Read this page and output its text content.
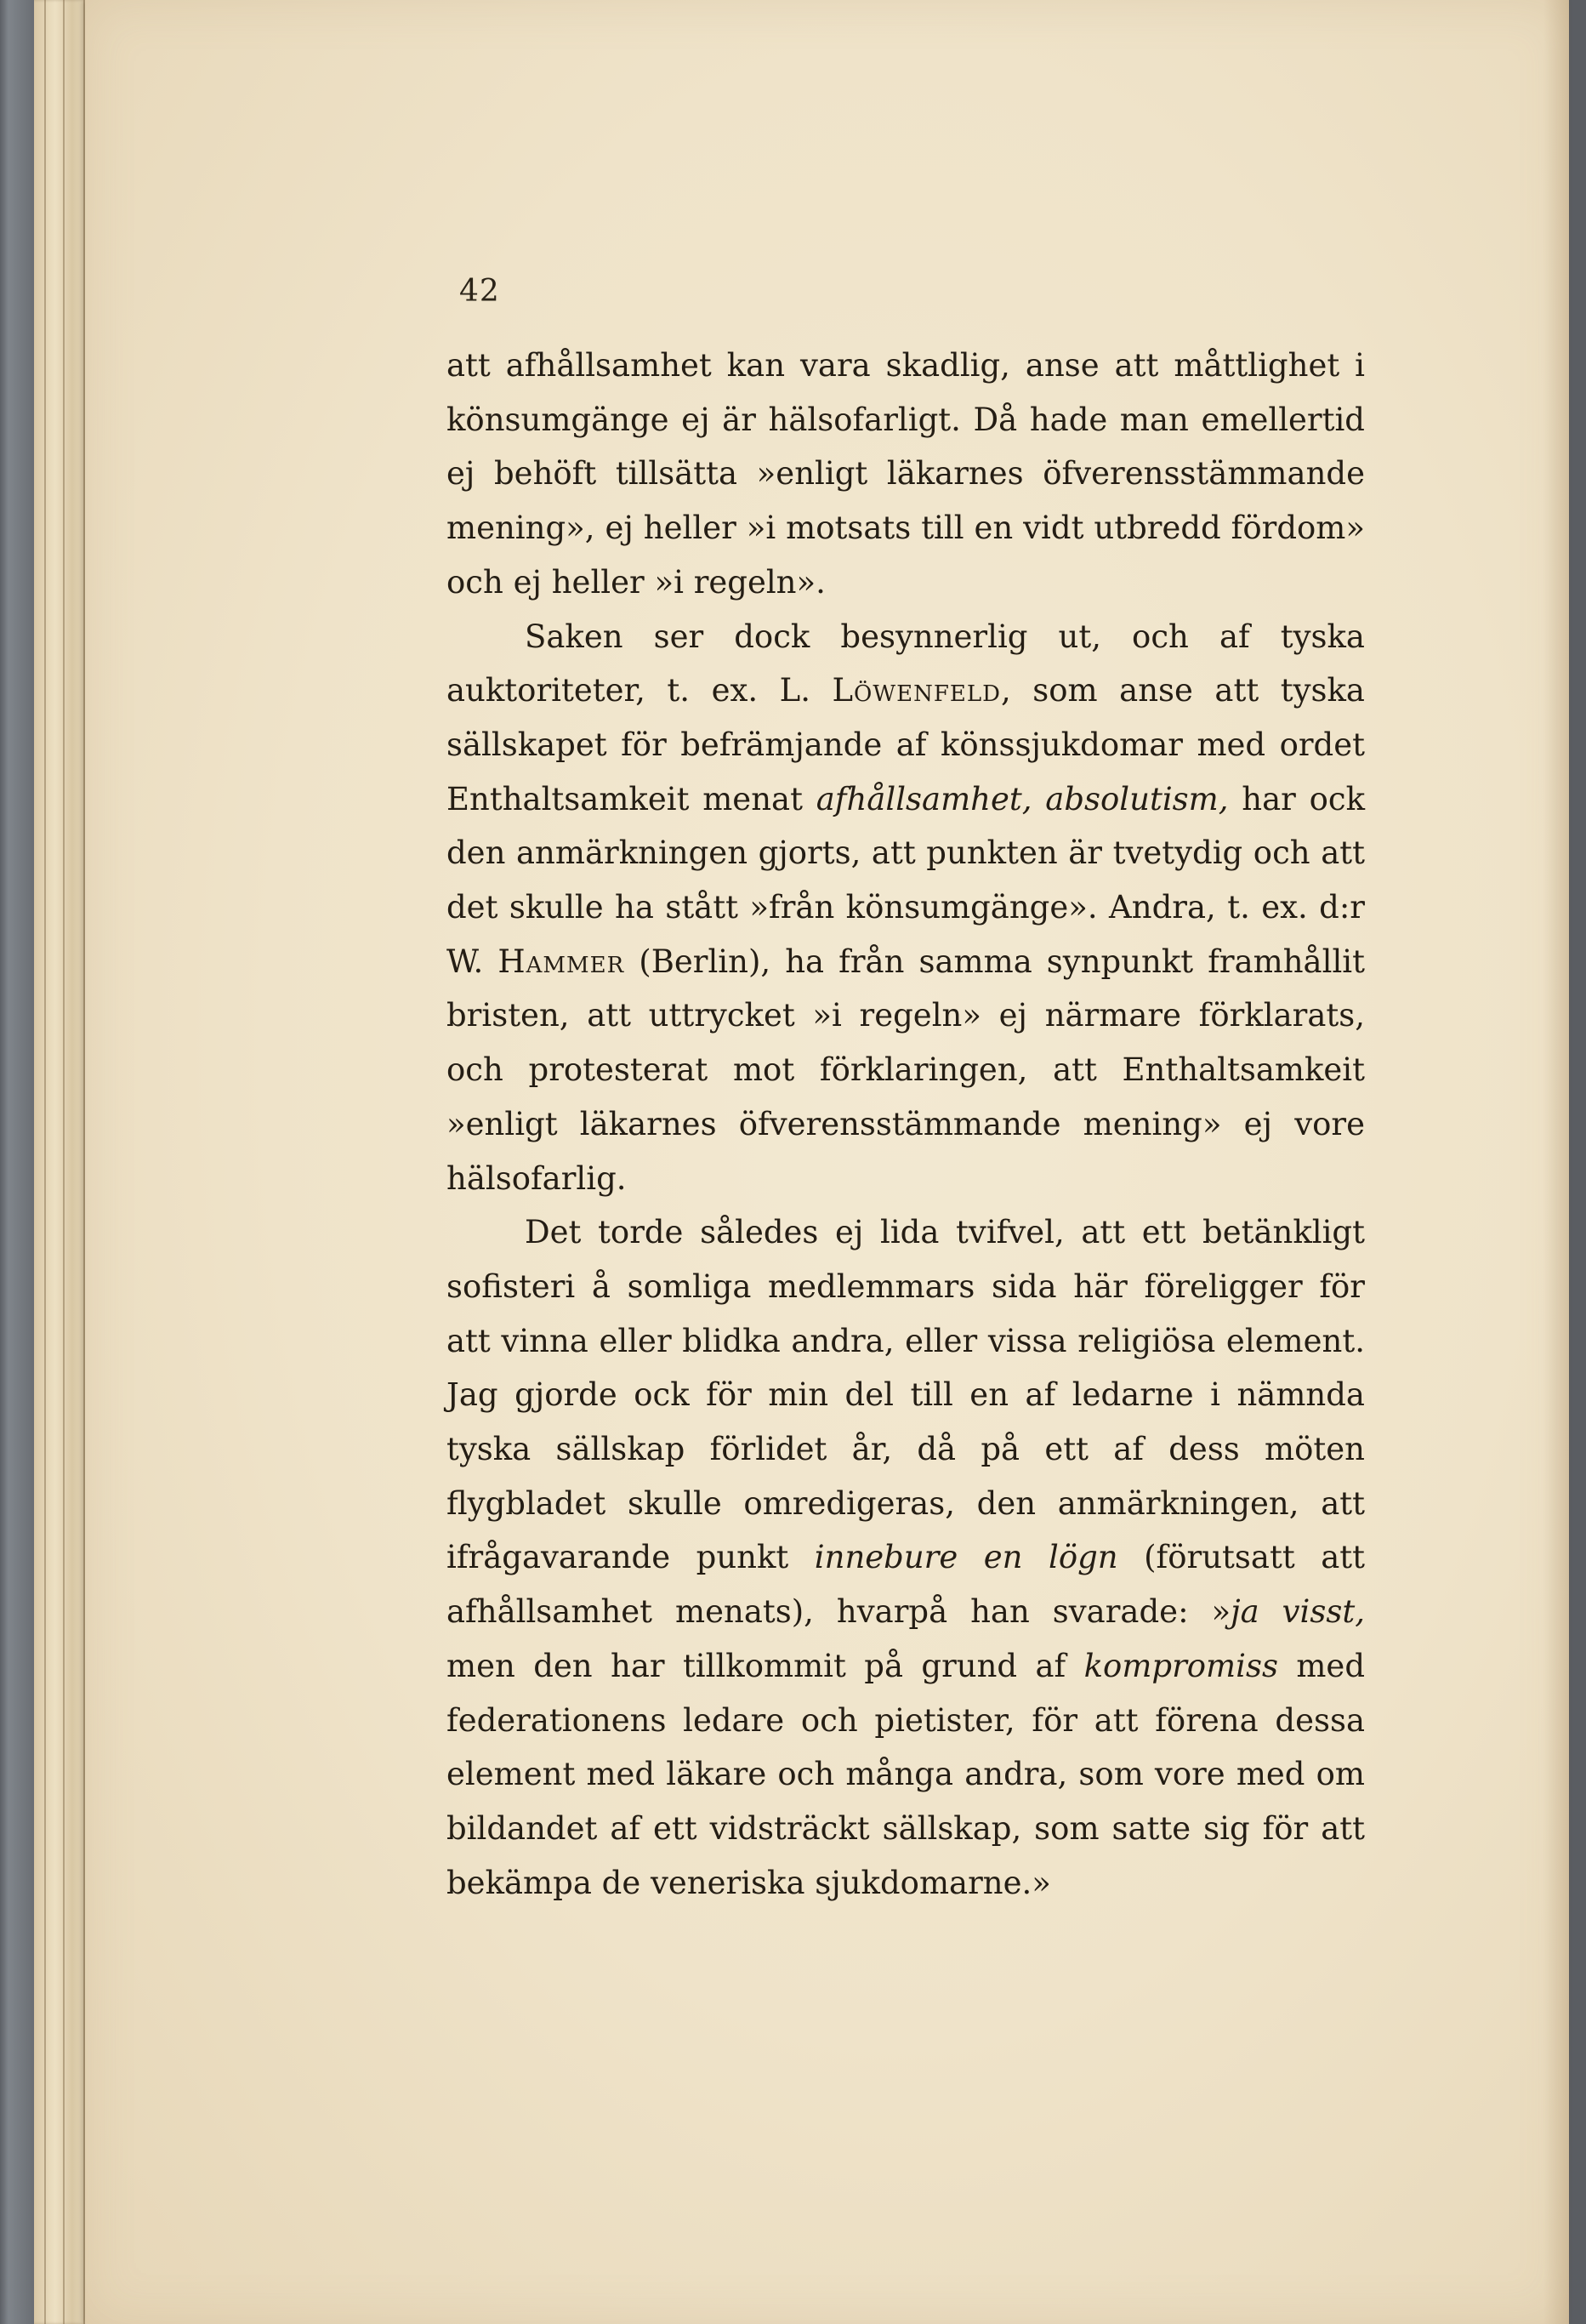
42

att afhållsamhet kan vara skadlig, anse att måttlighet i könsumgänge ej är hälsofarligt. Då hade man emellertid ej behöft tillsätta »enligt läkarnes öfverensstämmande mening», ej heller »i motsats till en vidt utbredd fördom» och ej heller »i regeln».

Saken ser dock besynnerlig ut, och af tyska auktoriteter, t. ex. L. Löwenfeld, som anse att tyska sällskapet för befrämjande af könssjukdomar med ordet Enthaltsamkeit menat afhållsamhet, absolutism, har ock den anmärkningen gjorts, att punkten är tvetydig och att det skulle ha stått »från könsumgänge». Andra, t. ex. d:r W. Hammer (Berlin), ha från samma synpunkt framhållit bristen, att uttrycket »i regeln» ej närmare förklarats, och protesterat mot förklaringen, att Enthaltsamkeit »enligt läkarnes öfverensstämmande mening» ej vore hälsofarlig.

Det torde således ej lida tvifvel, att ett betänkligt sofisteri å somliga medlemmars sida här föreligger för att vinna eller blidka andra, eller vissa religiösa element. Jag gjorde ock för min del till en af ledarne i nämnda tyska sällskap förlidet år, då på ett af dess möten flygbladet skulle omredigeras, den anmärkningen, att ifrågavarande punkt innebure en lögn (förutsatt att afhållsamhet menats), hvarpå han svarade: »ja visst, men den har tillkommit på grund af kompromiss med federationens ledare och pietister, för att förena dessa element med läkare och många andra, som vore med om bildandet af ett vidsträckt sällskap, som satte sig för att bekämpa de veneriska sjukdomarne.»
